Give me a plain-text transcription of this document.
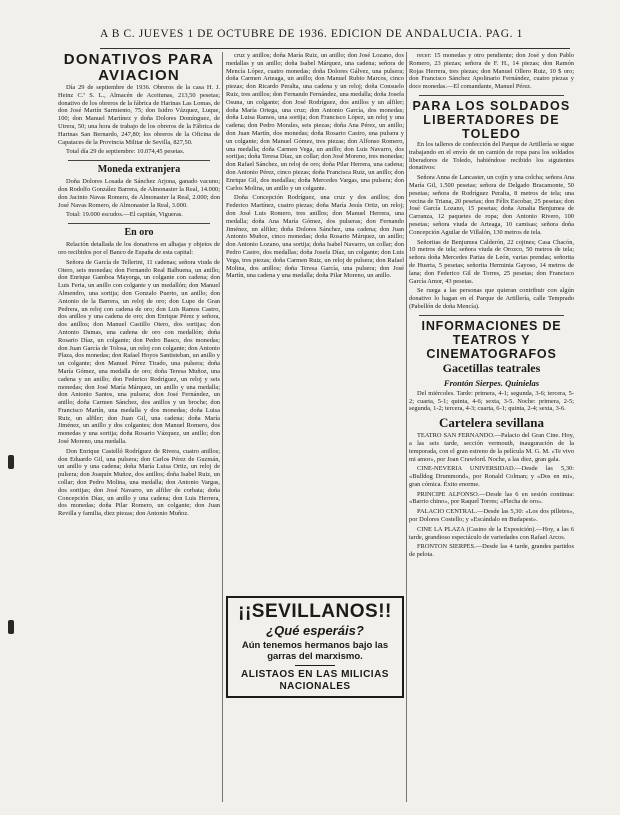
A B C. JUEVES 1 DE OCTUBRE DE 1936. EDICION DE ANDALUCIA. PAG. 1
DONATIVOS PARA AVIACION

Día 29 de septiembre de 1936. Obreros de la casa H. J. Heinz C.ª S. L., Almacén de Aceitunas, 213,50 pesetas; donativo de los obreros de la fábrica de Harinas Las Lomas, de don José Martín Sarmiento, 75; don Isidro Vázquez, Luque, 100; don Manuel Martínez y doña Dolores Domínguez, de Utrera, 50; una hora de trabajo de los obreros de la Fábrica de Harinas San Bernardo, 247,80; los obreros de la Oficina de Capataces de la Provincia Militar de Sevilla, 827,50.

Total día 29 de septiembre: 10.074,45 pesetas.

Moneda extranjera

Doña Dolores Losada de Sánchez Arjona, ganado vacuno; don Rodolfo González Barrera, de Almonaster la Real, 14.000; don Jacinto Navas Romero, de Almonaster la Real, 2.000; don José Navas Romero, de Almonaster la Real, 3.000.

Total: 19.000 escudos.—El capitán, Vigueras.

En oro

Relación detallada de los donativos en alhajas y objetos de oro recibidos por el Banco de España de esta capital:

Señora de García de Tellerini, 11 cadenas; señora viuda de Otero, seis monedas; don Fernando Real Balbuena, un anillo; don Enrique Gamboa Mayorga, un colgante con cadena; don Luis Feria, un anillo con colgante y un medallón; don Manuel Almendro, una sortija; don Gonzalo Puerto, un anillo; don Antonio de la Barrera, un reloj de oro; don Lupe de Gran Pedrera, un reloj con cadena de oro; don Luis Ramos Castro, dos anillos y una cadena de oro; don Enrique Pérez y señora, dos anillos; don Manuel Castillo Otero, dos sortijas; don Antonio Damas, una cadena de oro con medallón; doña Rosario Díaz, un colgante; don Pedro Basco, dos monedas; don Juan García de Tolosa, un reloj con colgante; don Antonio Plaza, dos monedas; don Rafael Hoyos Santisteban, un anillo y un colgante; don Manuel Pérez Tirado, una pulsera; doña María Gómez, una medalla de oro; doña Teresa Muñoz, una cadena y un anillo; don Federico Rodríguez, un reloj y seis monedas; don José María Márquez, un anillo y una medalla; don Antonio Santos, una pulsera; don José Fernández, un anillo; doña Carmen Sánchez, dos anillos y un broche; don Francisco Martín, una medalla y dos monedas; doña Luisa Ruiz, un alfiler; don Juan Gil, una cadena; doña María Jiménez, un anillo y dos colgantes; don Manuel Romero, dos monedas y una sortija; doña Rosario Vázquez, un anillo; don José Moreno, una medalla.

Don Enrique Castelló Rodríguez de Rivera, cuatro anillos; don Eduardo Gil, una pulsera; don Carlos Pérez de Guzmán, un anillo y una cadena; doña María Luisa Ortiz, un reloj de pulsera; don Joaquín Muñoz, dos anillos; doña Isabel Ruiz, un collar; don Pedro Molina, una medalla; don Antonio Vargas, dos sortijas; don José Navarro, un alfiler de corbata; doña Concepción Díaz, un anillo y una cadena; don Luis Herrera, dos monedas; doña Pilar Romero, un colgante; don Juan Revilla y familia, diez piezas; don Antonio Muñoz.

cruz y anillos; doña María Ruiz, un anillo; don José Lozano, dos medallas y un anillo; doña Isabel Márquez, una cadena; señora de Mencía López, cuatro monedas; doña Dolores Gálvez, una pulsera; doña Carmen Arteaga, un anillo; don Manuel Rubio Marcos, cinco piezas; don Ricardo Peralta, una cadena y un reloj; doña Consuelo Ruiz, tres anillos; don Fernando Fernández, una medalla; doña Josefa Osuna, un colgante; don José Rodríguez, dos anillos y un alfiler; doña María Ortega, una cruz; don Antonio García, dos monedas; doña Luisa Ramos, una sortija; don Francisco López, un reloj y una cadena; don Pedro Morales, seis piezas; doña Ana Pérez, un anillo; don Juan Martín, dos monedas; doña Rosario Castro, una pulsera y un colgante; don Manuel Gómez, tres piezas; don Alfonso Romero, una medalla; doña Carmen Vega, un anillo; don Luis Navarro, dos sortijas; doña Teresa Díaz, un collar; don José Moreno, tres monedas; don Rafael Sánchez, un reloj de oro; doña Pilar Herrera, una cadena; don Antonio Pérez, cinco piezas; doña Francisca Ruiz, un anillo; don Enrique Gil, dos medallas; doña Mercedes Vargas, una pulsera; don Carlos Molina, un anillo y un colgante.

Doña Concepción Rodríguez, una cruz y dos anillos; don Federico Martínez, cuatro piezas; doña María Jesús Ortiz, un reloj; don José Luis Romero, tres anillos; don Manuel Herrera, una medalla; doña Ana María Gómez, dos pulseras; don Fernando Jiménez, un alfiler; doña Dolores Sánchez, una cadena; don Juan Antonio Muñoz, cinco monedas; doña Rosario Márquez, un anillo; don Antonio Lozano, una sortija; doña Isabel Navarro, un collar; don Pedro Castro, dos medallas; doña Josefa Díaz, un colgante; don Luis Vega, tres piezas; doña Carmen Ruiz, un reloj de pulsera; don Rafael Molina, dos anillos; doña Teresa García, una pulsera; don José Martín, una cadena y una medalla; doña Pilar Moreno, un anillo.

¡¡SEVILLANOS!!
¿Qué esperáis?
Aún tenemos hermanos bajo las garras del marxismo.
ALISTAOS EN LAS MILICIAS NACIONALES

recer: 15 monedas y otro pendiente; don José y don Pablo Romero, 23 piezas; señora de F. H., 14 piezas; don Ramón Rojas Herrera, tres piezas; don Manuel Ollero Ruiz, 10 $ oro; don Francisco Sánchez Apolinario Fernández, cuatro piezas y doce monedas.—El comandante, Manuel Pérez.

PARA LOS SOLDADOS LIBERTADORES DE TOLEDO

En los talleres de confección del Parque de Artillería se sigue trabajando en el envío de un camión de ropa para los soldados liberadores de Toledo, habiéndose recibido los siguientes donativos:

Señora Anna de Lancaster, un cojín y una colcha; señora Ana María Gil, 1.500 pesetas; señora de Delgado Bracamonte, 50 pesetas; señora de Rodríguez Peralta, 8 metros de tela; una vecina de Triana, 20 pesetas; don Félix Escobar, 25 pesetas; don José García Lozano, 15 pesetas; doña Amalia Benjumea de Carranza, 12 paquetes de ropa; don Antonio Rivero, 100 pesetas; señora viuda de Arteaga, 10 camisas; señora doña Concepción Aguilar de Villalón, 130 metros de tela.

Señoritas de Benjumea Calderón, 22 cojines; Casa Chacón, 10 metros de tela; señora viuda de Orozco, 50 metros de tela; señora doña Mercedes Parias de León, varias prendas; señorita de Huerta, 5 pesetas; señorita Herminia Gayoso, 14 metros de lana; don Federico Gil de Torres, 25 pesetas; don Francisco García Amor, 43 pesetas.

Se ruega a las personas que quieran contribuir con algún donativo lo hagan en el Parque de Artillería, calle Temprado (Pabellón de doña Mencía).

INFORMACIONES DE TEATROS Y CINEMATOGRAFOS
Gacetillas teatrales
Frontón Sierpes. Quinielas

Del miércoles. Tarde: primera, 4-1; segunda, 3-6; tercera, 5-2; cuarta, 5-1; quinta, 4-6; sexta, 3-5. Noche: primera, 2-5; segunda, 1-2; tercera, 4-3; cuarta, 6-1; quinta, 2-4; sexta, 3-6.

Cartelera sevillana

TEATRO SAN FERNANDO.—Palacio del Gran Cine. Hoy, a las seis tarde, sección vermouth, inauguración de la temporada, con el gran estreno de la película M. G. M. «Te vivo mi amor», por Joan Crawford. Noche, a las diez, gran gala.

CINE-NEVERIA UNIVERSIDAD.—Desde las 5,30: «Bulldog Drummond», por Ronald Colman; y «Dos en mi», gran cómica. Éxito enorme.

PRINCIPE ALFONSO.—Desde las 6 en sesión continua: «Barrio chino», por Raquel Torres; «Flecha de oro».

PALACIO CENTRAL.—Desde las 5,30: «Los dos pilletes», por Dolores Costello; y «Escándalo en Budapest».

CINE LA PLAZA (Casino de la Exposición).—Hoy, a las 6 tarde, grandioso espectáculo de variedades con Rafael Arcos.

FRONTON SIERPES.—Desde las 4 tarde, grandes partidos de pelota.
